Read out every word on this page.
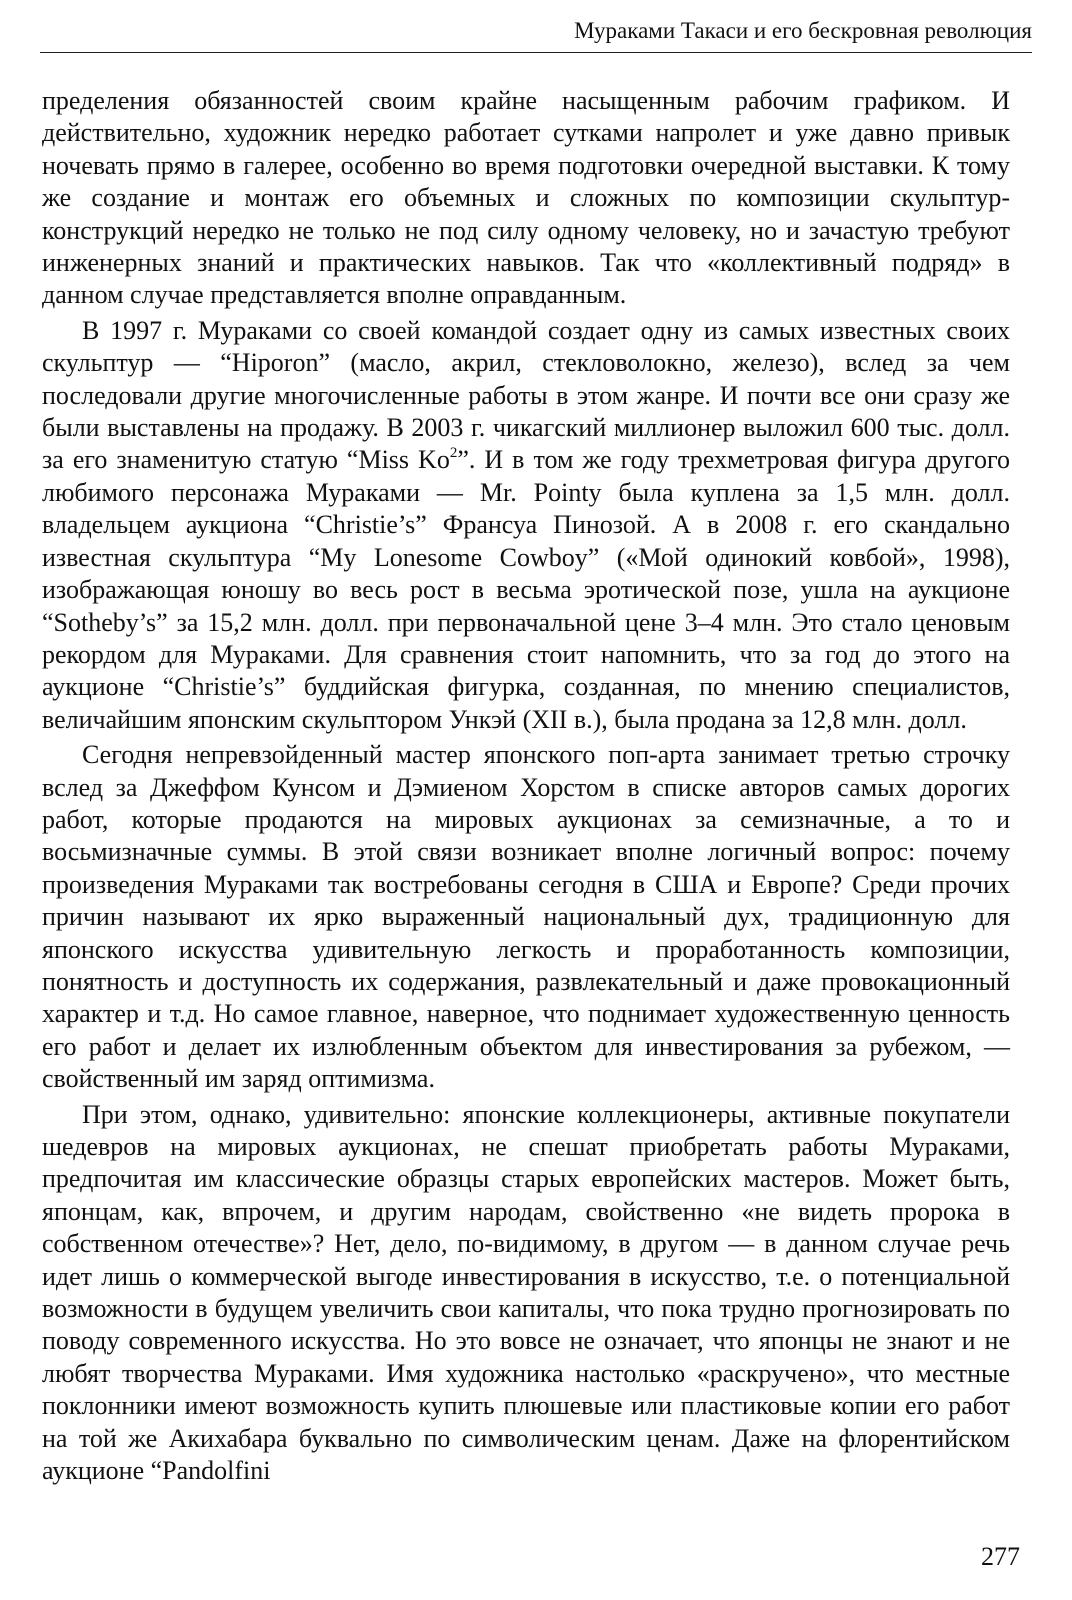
Мураками Такаси и его бескровная революция

пределения обязанностей своим крайне насыщенным рабочим графиком. И действительно, художник нередко работает сутками напролет и уже давно привык ночевать прямо в галерее, особенно во время подготовки очередной выставки. К тому же создание и монтаж его объемных и сложных по композиции скульптур-конструкций нередко не только не под силу одному человеку, но и зачастую требуют инженерных знаний и практических навыков. Так что «коллективный подряд» в данном случае представляется вполне оправданным.

В 1997 г. Мураками со своей командой создает одну из самых известных своих скульптур — “Hiporon” (масло, акрил, стекловолокно, железо), вслед за чем последовали другие многочисленные работы в этом жанре. И почти все они сразу же были выставлены на продажу. В 2003 г. чикагский миллионер выложил 600 тыс. долл. за его знаменитую статую “Miss Ko$^2$”. И в том же году трехметровая фигура другого любимого персонажа Мураками — Mr. Pointy была куплена за 1,5 млн. долл. владельцем аукциона “Christie’s” Франсуа Пинозой. А в 2008 г. его скандально известная скульптура “My Lonesome Cowboy” («Мой одинокий ковбой», 1998), изображающая юношу во весь рост в весьма эротической позе, ушла на аукционе “Sotheby’s” за 15,2 млн. долл. при первоначальной цене 3–4 млн. Это стало ценовым рекордом для Мураками. Для сравнения стоит напомнить, что за год до этого на аукционе “Christie’s” буддийская фигурка, созданная, по мнению специалистов, величайшим японским скульптором Ункэй (XII в.), была продана за 12,8 млн. долл.

Сегодня непревзойденный мастер японского поп-арта занимает третью строчку вслед за Джеффом Кунсом и Дэмиеном Хорстом в списке авторов самых дорогих работ, которые продаются на мировых аукционах за семизначные, а то и восьмизначные суммы. В этой связи возникает вполне логичный вопрос: почему произведения Мураками так востребованы сегодня в США и Европе? Среди прочих причин называют их ярко выраженный национальный дух, традиционную для японского искусства удивительную легкость и проработанность композиции, понятность и доступность их содержания, развлекательный и даже провокационный характер и т.д. Но самое главное, наверное, что поднимает художественную ценность его работ и делает их излюбленным объектом для инвестирования за рубежом, — свойственный им заряд оптимизма.

При этом, однако, удивительно: японские коллекционеры, активные покупатели шедевров на мировых аукционах, не спешат приобретать работы Мураками, предпочитая им классические образцы старых европейских мастеров. Может быть, японцам, как, впрочем, и другим народам, свойственно «не видеть пророка в собственном отечестве»? Нет, дело, по-видимому, в другом — в данном случае речь идет лишь о коммерческой выгоде инвестирования в искусство, т.е. о потенциальной возможности в будущем увеличить свои капиталы, что пока трудно прогнозировать по поводу современного искусства. Но это вовсе не означает, что японцы не знают и не любят творчества Мураками. Имя художника настолько «раскручено», что местные поклонники имеют возможность купить плюшевые или пластиковые копии его работ на той же Акихабара буквально по символическим ценам. Даже на флорентийском аукционе “Pandolfini

277
